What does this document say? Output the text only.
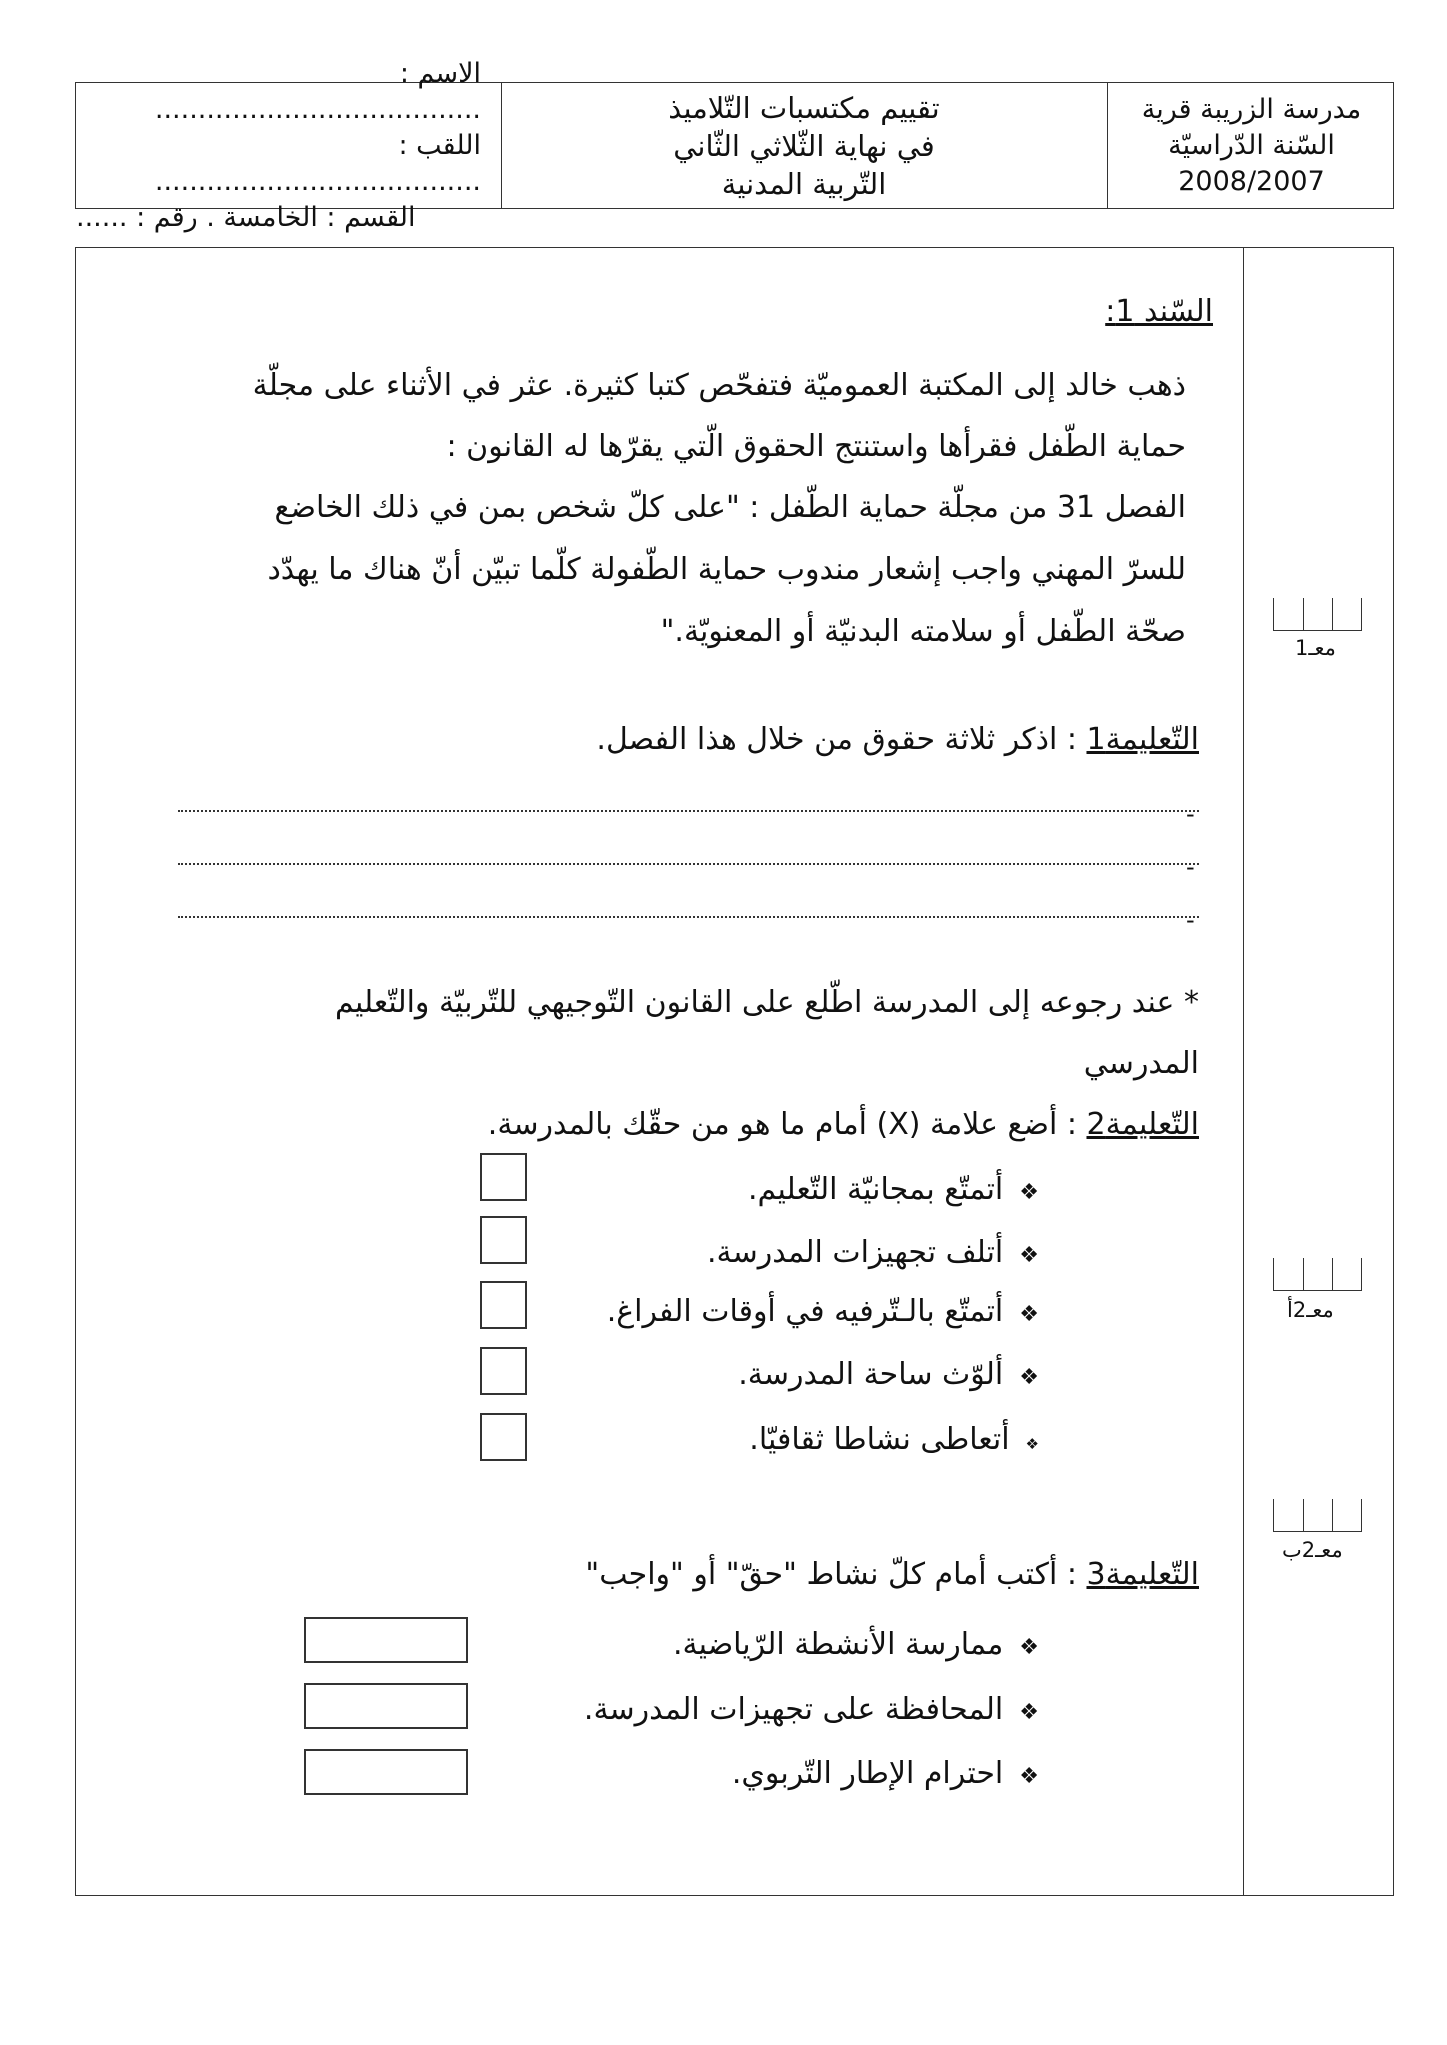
مدرسة الزريبة قرية
السّنة الدّراسيّة
2008/2007
تقييم مكتسبات التّلاميذ
في نهاية الثّلاثي الثّاني
التّربية المدنية
الاسم : ......................................
اللقب : ......................................
القسم : الخامسة . رقم : ......
معـ1
معـ2أ
معـ2ب
السّند 1:
ذهب خالد إلى المكتبة العموميّة فتفحّص كتبا كثيرة. عثر في الأثناء على مجلّة
حماية الطّفل فقرأها واستنتج الحقوق الّتي يقرّها له القانون :
الفصل 31 من مجلّة حماية الطّفل : "على كلّ شخص بمن في ذلك الخاضع
للسرّ المهني واجب إشعار مندوب حماية الطّفولة كلّما تبيّن أنّ هناك ما يهدّد
صحّة الطّفل أو سلامته البدنيّة أو المعنويّة."
التّعليمة1 : اذكر ثلاثة حقوق من خلال هذا الفصل.
-
-
-
* عند رجوعه إلى المدرسة اطّلع على القانون التّوجيهي للتّربيّة والتّعليم
المدرسي
التّعليمة2 : أضع علامة (X) أمام ما هو من حقّك بالمدرسة.
❖أتمتّع بمجانيّة التّعليم.
❖أتلف تجهيزات المدرسة.
❖أتمتّع بالـتّرفيه في أوقات الفراغ.
❖ألوّث ساحة المدرسة.
❖أتعاطى نشاطا ثقافيّا.
التّعليمة3 : أكتب أمام كلّ نشاط "حقّ" أو "واجب"
❖ممارسة الأنشطة الرّياضية.
❖المحافظة على تجهيزات المدرسة.
❖احترام الإطار التّربوي.
